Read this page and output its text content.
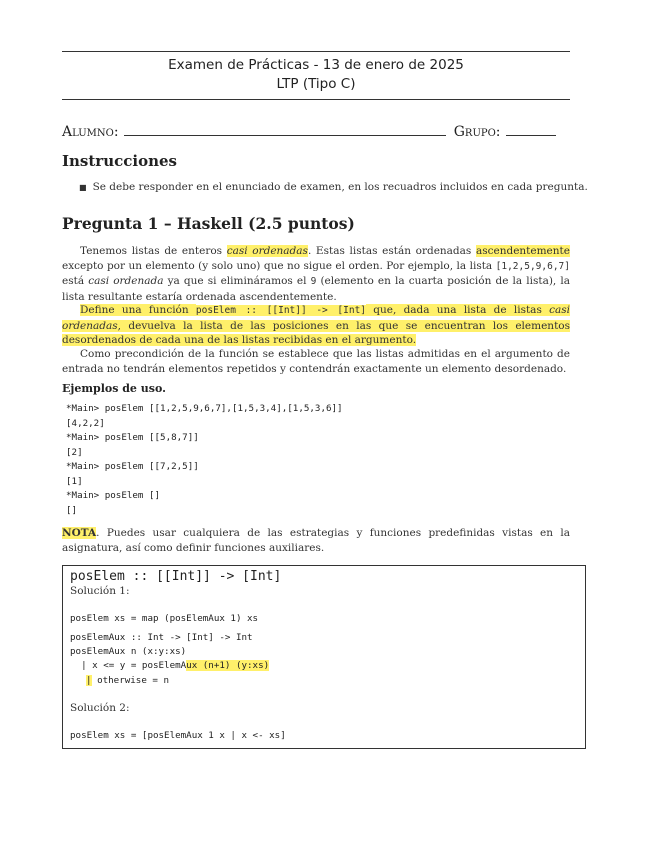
Examen de Prácticas - 13 de enero de 2025
LTP (Tipo C)
Alumno:	Grupo:
Instrucciones
■ Se debe responder en el enunciado de examen, en los recuadros incluidos en cada pregunta.
Pregunta 1 – Haskell (2.5 puntos)
Tenemos listas de enteros casi ordenadas. Estas listas están ordenadas ascendentemente excepto por un elemento (y solo uno) que no sigue el orden. Por ejemplo, la lista [1,2,5,9,6,7] está casi ordenada ya que si elimináramos el 9 (elemento en la cuarta posición de la lista), la lista resultante estaría ordenada ascendentemente.
Define una función posElem :: [[Int]] -> [Int] que, dada una lista de listas casi ordenadas, devuelva la lista de las posiciones en las que se encuentran los elementos desordenados de cada una de las listas recibidas en el argumento.
Como precondición de la función se establece que las listas admitidas en el argumento de entrada no tendrán elementos repetidos y contendrán exactamente un elemento desordenado.
Ejemplos de uso.
*Main> posElem [[1,2,5,9,6,7],[1,5,3,4],[1,5,3,6]]
[4,2,2]
*Main> posElem [[5,8,7]]
[2]
*Main> posElem [[7,2,5]]
[1]
*Main> posElem []
[]
NOTA. Puedes usar cualquiera de las estrategias y funciones predefinidas vistas en la asignatura, así como definir funciones auxiliares.
posElem :: [[Int]] -> [Int]
Solución 1:
posElem xs = map (posElemAux 1) xs
posElemAux :: Int -> [Int] -> Int
posElemAux n (x:y:xs)
| x <= y = posElemAux (n+1) (y:xs)
| otherwise = n
Solución 2:
posElem xs = [posElemAux 1 x | x <- xs]
